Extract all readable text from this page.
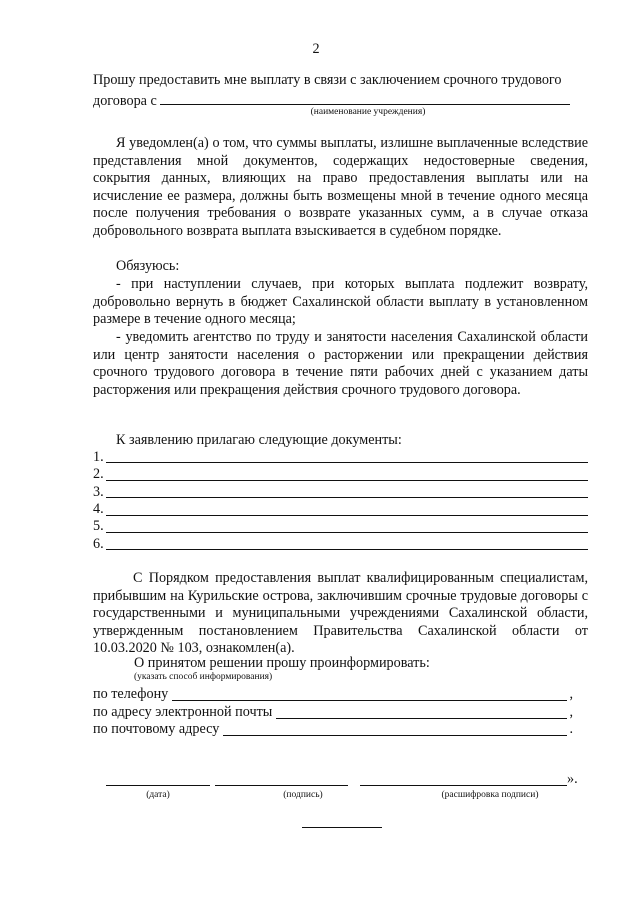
2
Прошу предоставить мне выплату в связи с заключением срочного трудового
договора с
(наименование учреждения)
Я уведомлен(а) о том, что суммы выплаты, излишне выплаченные вследствие представления мной документов, содержащих недостоверные сведения, сокрытия данных, влияющих на право предоставления выплаты или на исчисление ее размера, должны быть возмещены мной в течение одного месяца после получения требования о возврате указанных сумм, а в случае отказа добровольного возврата выплата взыскивается в судебном порядке.
Обязуюсь:
- при наступлении случаев, при которых выплата подлежит возврату, добровольно вернуть в бюджет Сахалинской области выплату в установленном размере в течение одного месяца;
- уведомить агентство по труду и занятости населения Сахалинской области или центр занятости населения о расторжении или прекращении действия срочного трудового договора в течение пяти рабочих дней с указанием даты расторжения или прекращения действия срочного трудового договора.
К заявлению прилагаю следующие документы:
1.
2.
3.
4.
5.
6.
С Порядком предоставления выплат квалифицированным специалистам, прибывшим на Курильские острова, заключившим срочные трудовые договоры с государственными и муниципальными учреждениями Сахалинской области, утвержденным постановлением Правительства Сахалинской области от 10.03.2020 № 103, ознакомлен(а).
О принятом решении прошу проинформировать:
(указать способ информирования)
по телефону	,
по адресу электронной почты	,
по почтовому адресу	.
».
(дата)	(подпись)	(расшифровка подписи)
